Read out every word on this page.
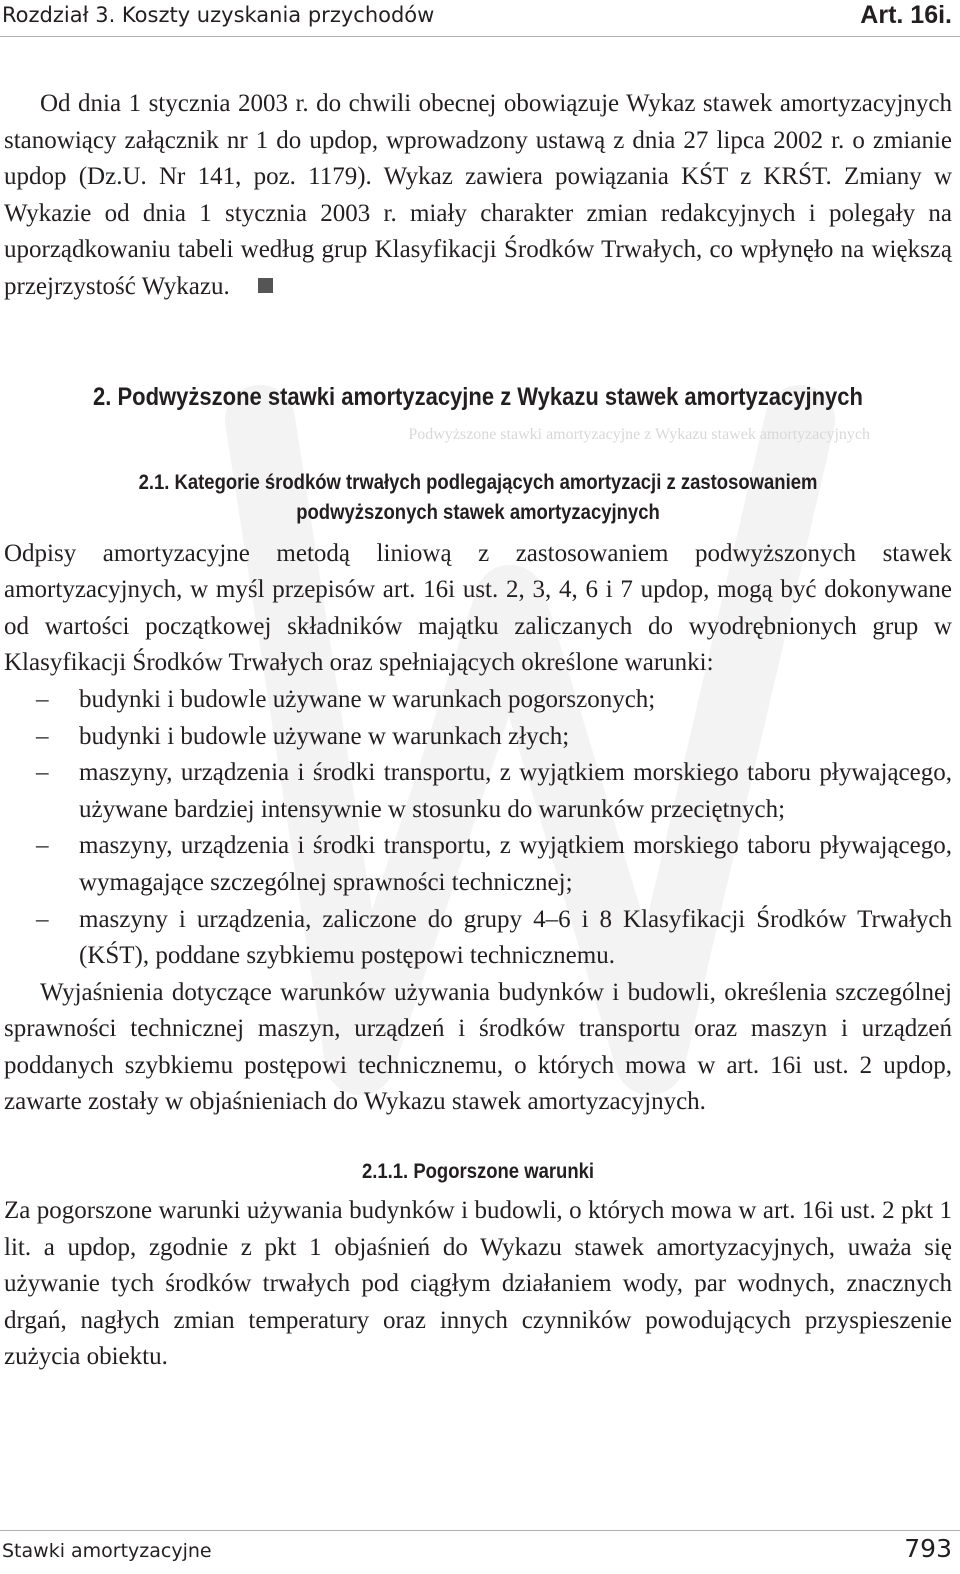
Rozdział 3. Koszty uzyskania przychodów	Art. 16i.

Od dnia 1 stycznia 2003 r. do chwili obecnej obowiązuje Wykaz stawek amortyzacyjnych stanowiący załącznik nr 1 do updop, wprowadzony ustawą z dnia 27 lipca 2002 r. o zmianie updop (Dz.U. Nr 141, poz. 1179). Wykaz zawiera powiązania KŚT z KRŚT. Zmiany w Wykazie od dnia 1 stycznia 2003 r. miały charakter zmian redakcyjnych i polegały na uporządkowaniu tabeli według grup Klasyfikacji Środków Trwałych, co wpłynęło na większą przejrzystość Wykazu.

2. Podwyższone stawki amortyzacyjne z Wykazu stawek amortyzacyjnych
Podwyższone stawki amortyzacyjne z Wykazu stawek amortyzacyjnych
2.1. Kategorie środków trwałych podlegających amortyzacji z zastosowaniem
podwyższonych stawek amortyzacyjnych

Odpisy amortyzacyjne metodą liniową z zastosowaniem podwyższonych stawek amortyzacyjnych, w myśl przepisów art. 16i ust. 2, 3, 4, 6 i 7 updop, mogą być dokonywane od wartości początkowej składników majątku zaliczanych do wyodrębnionych grup w Klasyfikacji Środków Trwałych oraz spełniających określone warunki:

– budynki i budowle używane w warunkach pogorszonych;
– budynki i budowle używane w warunkach złych;
– maszyny, urządzenia i środki transportu, z wyjątkiem morskiego taboru pływającego, używane bardziej intensywnie w stosunku do warunków przeciętnych;
– maszyny, urządzenia i środki transportu, z wyjątkiem morskiego taboru pływającego, wymagające szczególnej sprawności technicznej;
– maszyny i urządzenia, zaliczone do grupy 4–6 i 8 Klasyfikacji Środków Trwałych (KŚT), poddane szybkiemu postępowi technicznemu.

Wyjaśnienia dotyczące warunków używania budynków i budowli, określenia szczególnej sprawności technicznej maszyn, urządzeń i środków transportu oraz maszyn i urządzeń poddanych szybkiemu postępowi technicznemu, o których mowa w art. 16i ust. 2 updop, zawarte zostały w objaśnieniach do Wykazu stawek amortyzacyjnych.

2.1.1. Pogorszone warunki

Za pogorszone warunki używania budynków i budowli, o których mowa w art. 16i ust. 2 pkt 1 lit. a updop, zgodnie z pkt 1 objaśnień do Wykazu stawek amortyzacyjnych, uważa się używanie tych środków trwałych pod ciągłym działaniem wody, par wodnych, znacznych drgań, nagłych zmian temperatury oraz innych czynników powodujących przyspieszenie zużycia obiektu.

Stawki amortyzacyjne	793
